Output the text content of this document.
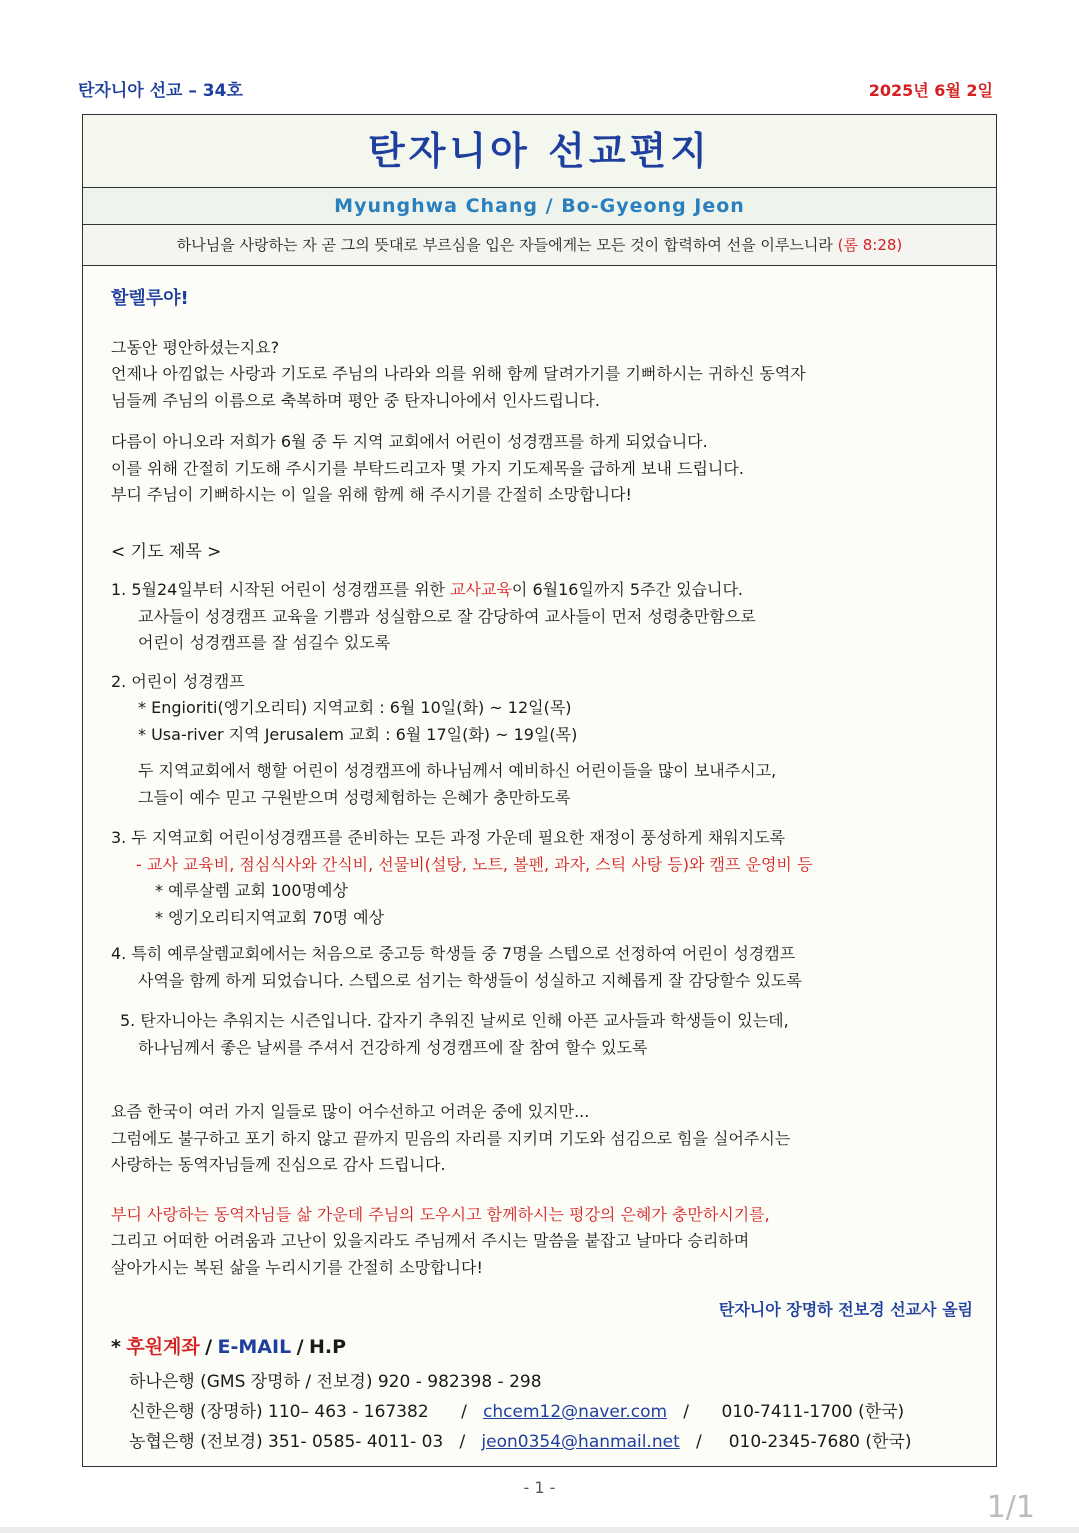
탄자니아 선교 – 34호	2025년 6월 2일
탄자니아 선교편지
Myunghwa Chang / Bo-Gyeong Jeon
하나님을 사랑하는 자 곧 그의 뜻대로 부르심을 입은 자들에게는 모든 것이 합력하여 선을 이루느니라 (롬 8:28)

할렐루야!

그동안 평안하셨는지요?

언제나 아낌없는 사랑과 기도로 주님의 나라와 의를 위해 함께 달려가기를 기뻐하시는 귀하신 동역자

님들께 주님의 이름으로 축복하며 평안 중 탄자니아에서 인사드립니다.

다름이 아니오라 저희가 6월 중 두 지역 교회에서 어린이 성경캠프를 하게 되었습니다.

이를 위해 간절히 기도해 주시기를 부탁드리고자 몇 가지 기도제목을 급하게 보내 드립니다.

부디 주님이 기뻐하시는 이 일을 위해 함께 해 주시기를 간절히 소망합니다!

< 기도 제목 >

1. 5월24일부터 시작된 어린이 성경캠프를 위한 교사교육이 6월16일까지 5주간 있습니다.

교사들이 성경캠프 교육을 기쁨과 성실함으로 잘 감당하여 교사들이 먼저 성령충만함으로

어린이 성경캠프를 잘 섬길수 있도록

2. 어린이 성경캠프

* Engioriti(엥기오리티) 지역교회 : 6월 10일(화) ~ 12일(목)

* Usa-river 지역 Jerusalem 교회 : 6월 17일(화) ~ 19일(목)

두 지역교회에서 행할 어린이 성경캠프에 하나님께서 예비하신 어린이들을 많이 보내주시고,

그들이 예수 믿고 구원받으며 성령체험하는 은혜가 충만하도록

3. 두 지역교회 어린이성경캠프를 준비하는 모든 과정 가운데 필요한 재정이 풍성하게 채워지도록

- 교사 교육비, 점심식사와 간식비, 선물비(설탕, 노트, 볼펜, 과자, 스틱 사탕 등)와 캠프 운영비 등

* 예루살렘 교회 100명예상

* 엥기오리티지역교회 70명 예상

4. 특히 예루살렘교회에서는 처음으로 중고등 학생들 중 7명을 스텝으로 선정하여 어린이 성경캠프

사역을 함께 하게 되었습니다. 스텝으로 섬기는 학생들이 성실하고 지혜롭게 잘 감당할수 있도록

5. 탄자니아는 추워지는 시즌입니다. 갑자기 추워진 날씨로 인해 아픈 교사들과 학생들이 있는데,

하나님께서 좋은 날씨를 주셔서 건강하게 성경캠프에 잘 참여 할수 있도록

요즘 한국이 여러 가지 일들로 많이 어수선하고 어려운 중에 있지만...

그럼에도 불구하고 포기 하지 않고 끝까지 믿음의 자리를 지키며 기도와 섬김으로 힘을 실어주시는

사랑하는 동역자님들께 진심으로 감사 드립니다.

부디 사랑하는 동역자님들 삶 가운데 주님의 도우시고 함께하시는 평강의 은혜가 충만하시기를,

그리고 어떠한 어려움과 고난이 있을지라도 주님께서 주시는 말씀을 붙잡고 날마다 승리하며

살아가시는 복된 삶을 누리시기를 간절히 소망합니다!

탄자니아 장명하 전보경 선교사 올림

* 후원계좌 / E-MAIL / H.P
하나은행 (GMS 장명하 / 전보경) 920 - 982398 - 298
신한은행 (장명하) 110– 463 - 167382 / chcem12@naver.com / 010-7411-1700 (한국)
농협은행 (전보경) 351- 0585- 4011- 03 / jeon0354@hanmail.net / 010-2345-7680 (한국)
- 1 -
1/1
